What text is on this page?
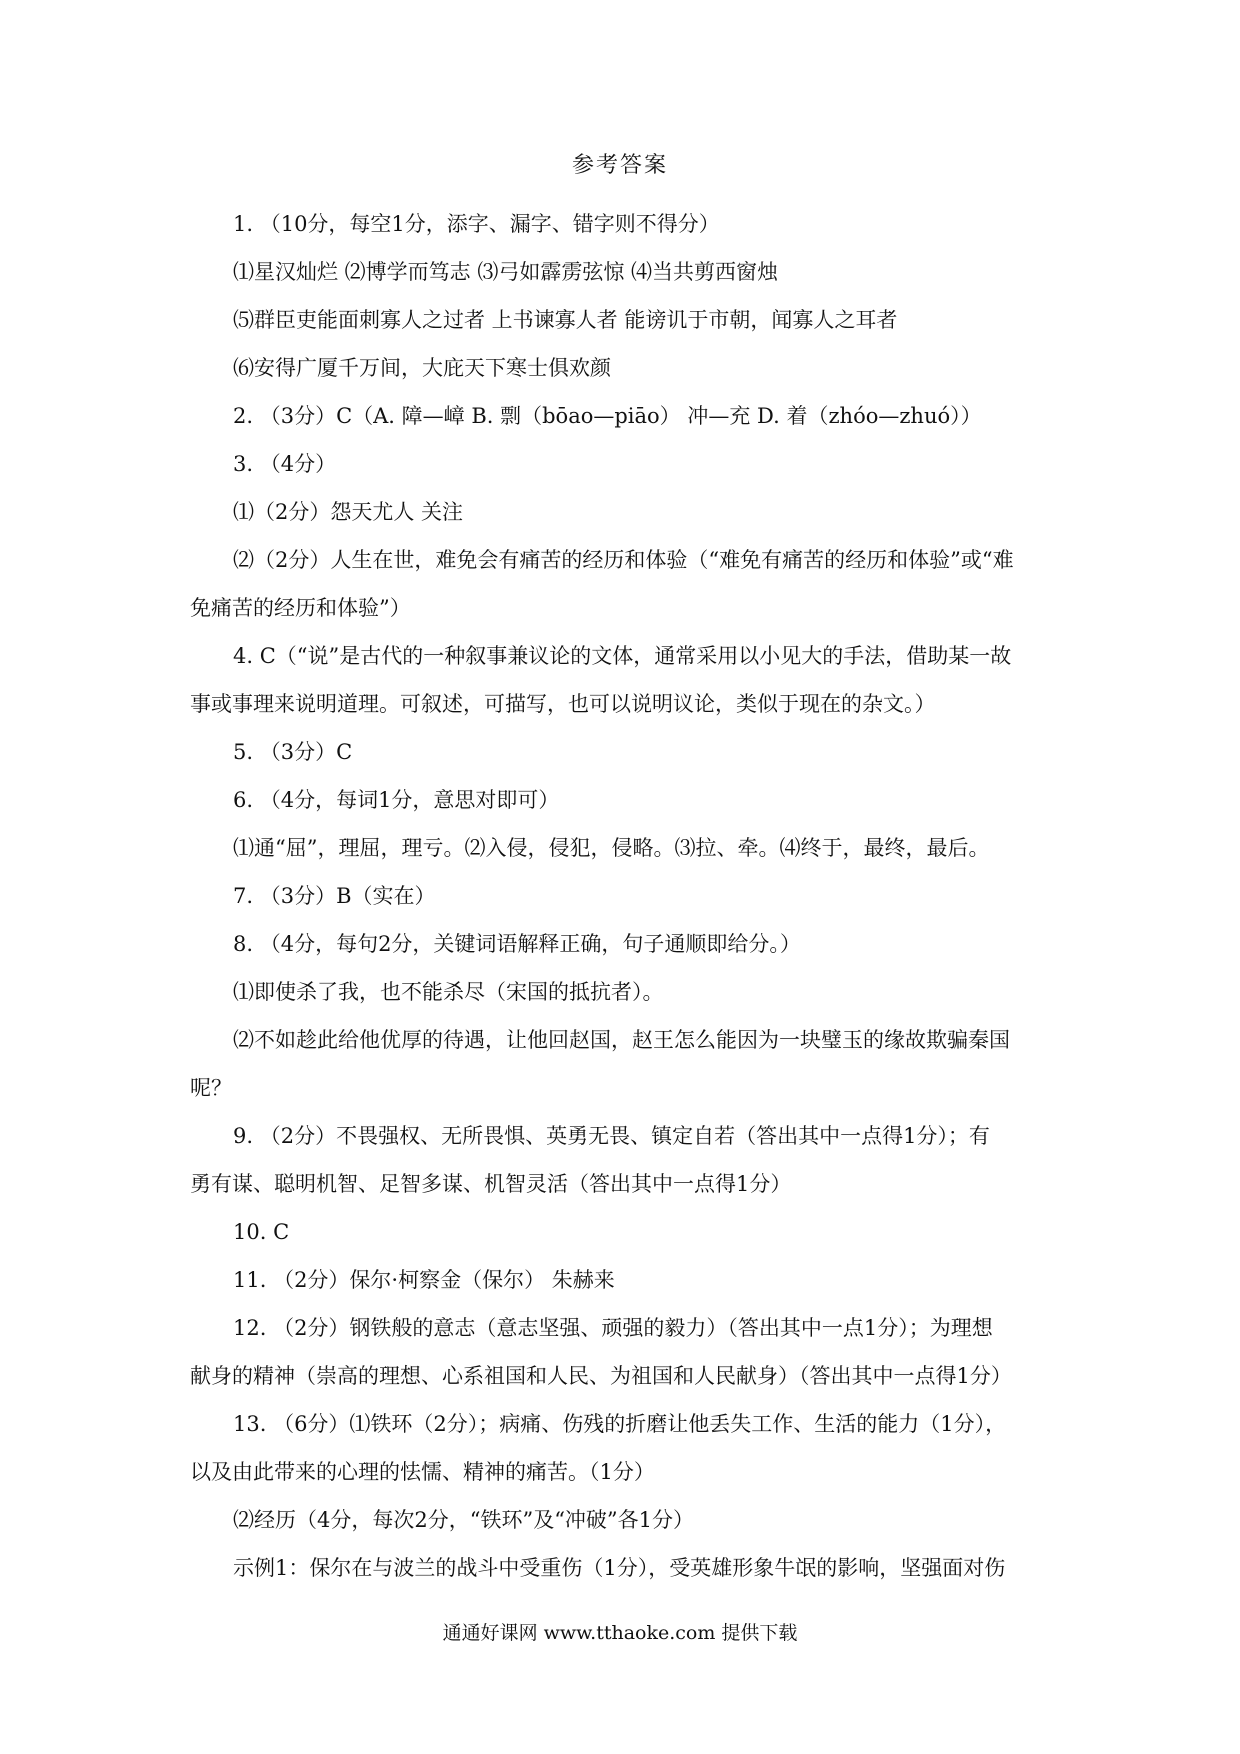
参考答案
1. （10分，每空1分，添字、漏字、错字则不得分）
⑴星汉灿烂 ⑵博学而笃志 ⑶弓如霹雳弦惊 ⑷当共剪西窗烛
⑸群臣吏能面刺寡人之过者 上书谏寡人者 能谤讥于市朝，闻寡人之耳者
⑹安得广厦千万间，大庇天下寒士俱欢颜
2. （3分）C（A. 障—嶂 B. 剽（bōao—piāo） 冲—充 D. 着（zhóo—zhuó））
3. （4分）
⑴（2分）怨天尤人 关注
⑵（2分）人生在世，难免会有痛苦的经历和体验（“难免有痛苦的经历和体验”或“难
免痛苦的经历和体验”）
4. C（“说”是古代的一种叙事兼议论的文体，通常采用以小见大的手法，借助某一故
事或事理来说明道理。可叙述，可描写，也可以说明议论，类似于现在的杂文。）
5. （3分）C
6. （4分，每词1分，意思对即可）
⑴通“屈”，理屈，理亏。⑵入侵，侵犯，侵略。⑶拉、牵。⑷终于，最终，最后。
7. （3分）B（实在）
8. （4分，每句2分，关键词语解释正确，句子通顺即给分。）
⑴即使杀了我，也不能杀尽（宋国的抵抗者）。
⑵不如趁此给他优厚的待遇，让他回赵国，赵王怎么能因为一块璧玉的缘故欺骗秦国
呢？
9. （2分）不畏强权、无所畏惧、英勇无畏、镇定自若（答出其中一点得1分）；有
勇有谋、聪明机智、足智多谋、机智灵活（答出其中一点得1分）
10. C
11. （2分）保尔·柯察金（保尔） 朱赫来
12. （2分）钢铁般的意志（意志坚强、顽强的毅力）（答出其中一点1分）；为理想
献身的精神（崇高的理想、心系祖国和人民、为祖国和人民献身）（答出其中一点得1分）
13. （6分）⑴铁环（2分）；病痛、伤残的折磨让他丢失工作、生活的能力（1分），
以及由此带来的心理的怯懦、精神的痛苦。（1分）
⑵经历（4分，每次2分，“铁环”及“冲破”各1分）
示例1：保尔在与波兰的战斗中受重伤（1分），受英雄形象牛氓的影响，坚强面对伤
通通好课网 www.tthaoke.com 提供下载
